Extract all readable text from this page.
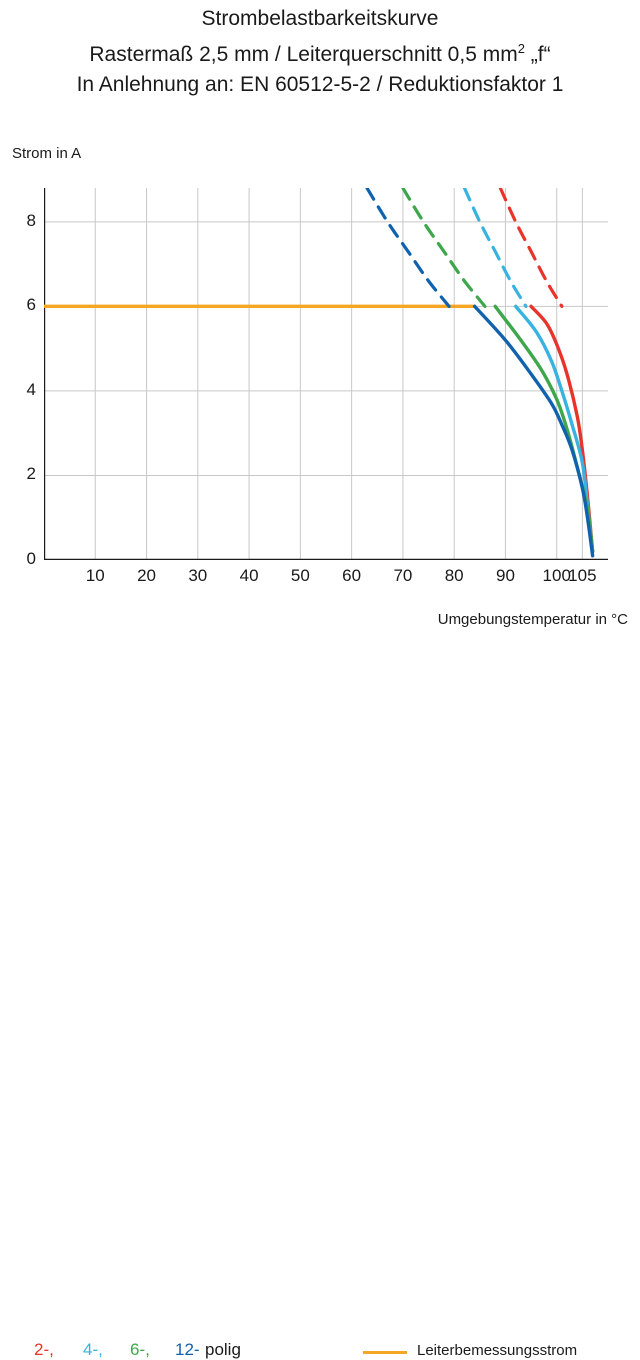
Strombelastbarkeitskurve
Rastermaß 2,5 mm / Leiterquerschnitt 0,5 $mm^2$ „f“
In Anlehnung an: EN 60512-5-2 / Reduktionsfaktor 1
Strom in A
Umgebungstemperatur in °C
0
2
4
6
8
10	20	30	40	50	60	70	80	90	100
105
2-, 4-, 6-, 12- polig	Leiterbemessungsstrom
